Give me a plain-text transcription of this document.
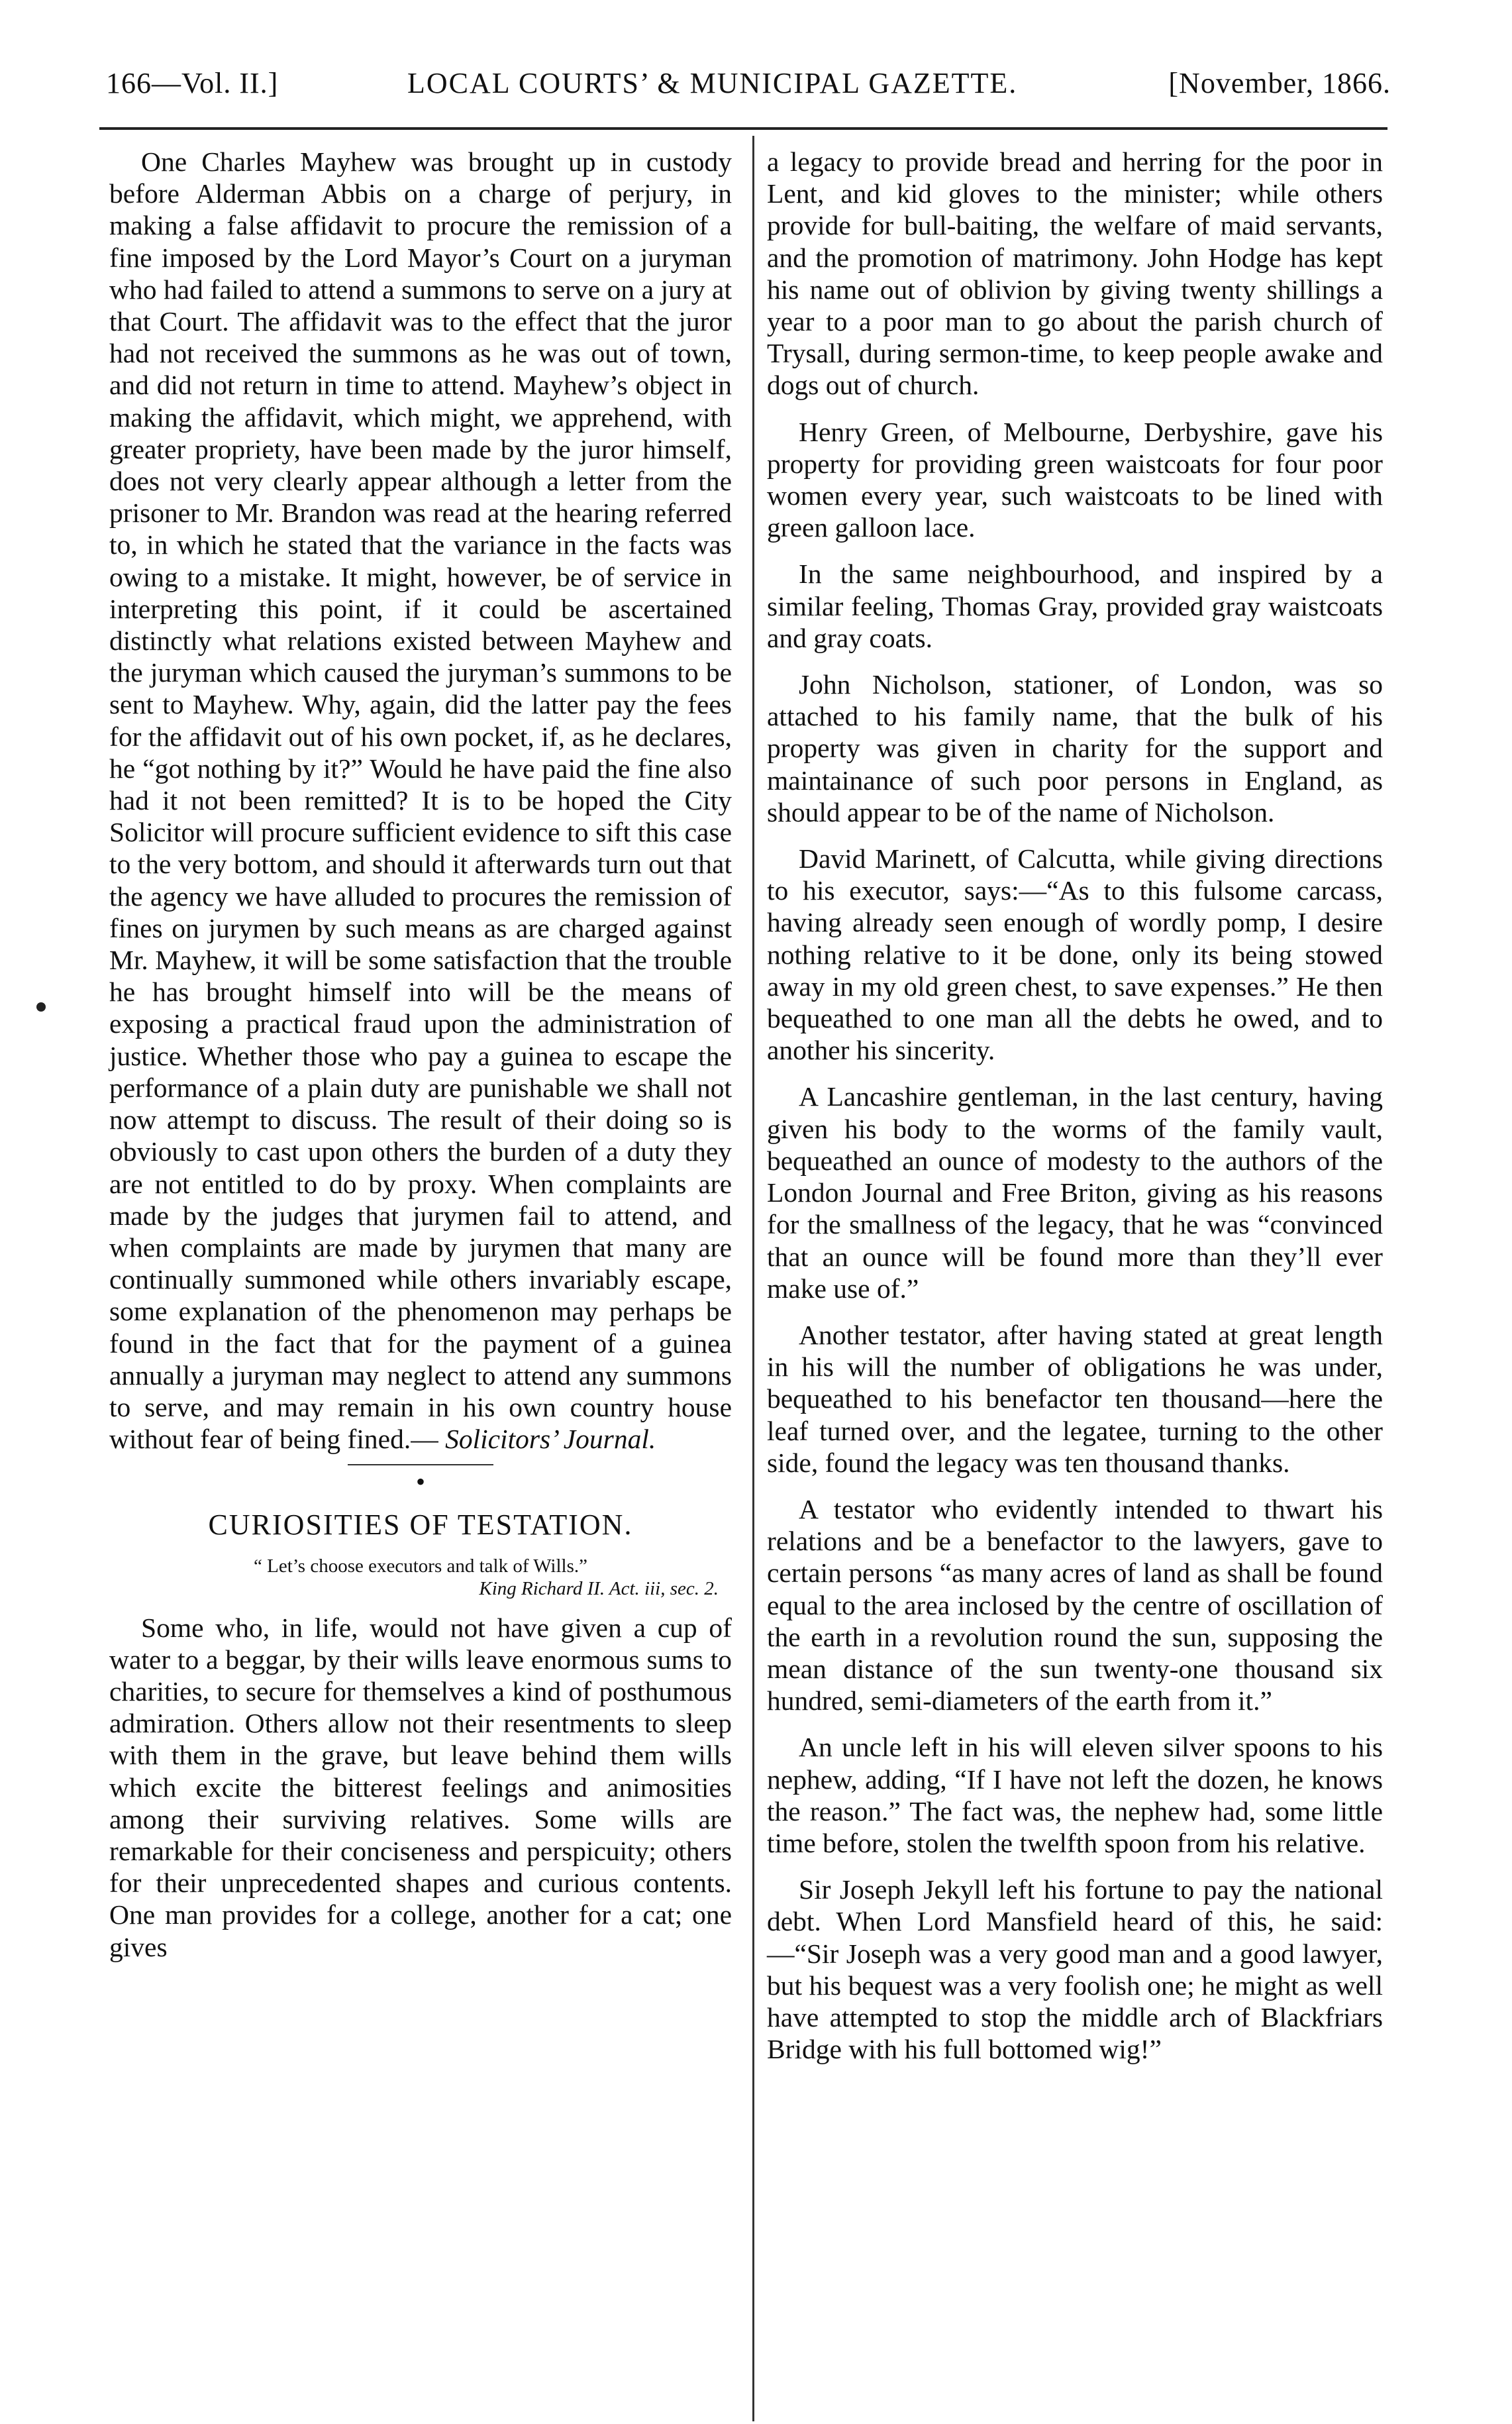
166—Vol. II.]	LOCAL COURTS’ & MUNICIPAL GAZETTE.	[November, 1866.

One Charles Mayhew was brought up in custody before Alderman Abbis on a charge of perjury, in making a false affidavit to procure the remission of a fine imposed by the Lord Mayor’s Court on a juryman who had failed to attend a summons to serve on a jury at that Court. The affidavit was to the effect that the juror had not received the summons as he was out of town, and did not return in time to attend. Mayhew’s object in making the affidavit, which might, we apprehend, with greater propriety, have been made by the juror himself, does not very clearly appear although a letter from the prisoner to Mr. Brandon was read at the hearing referred to, in which he stated that the variance in the facts was owing to a mistake. It might, however, be of service in interpreting this point, if it could be ascertained distinctly what relations existed between Mayhew and the juryman which caused the juryman’s summons to be sent to Mayhew. Why, again, did the latter pay the fees for the affidavit out of his own pocket, if, as he declares, he “got nothing by it?” Would he have paid the fine also had it not been remitted? It is to be hoped the City Solicitor will procure sufficient evidence to sift this case to the very bottom, and should it afterwards turn out that the agency we have alluded to procures the remission of fines on jurymen by such means as are charged against Mr. Mayhew, it will be some satisfaction that the trouble he has brought himself into will be the means of exposing a practical fraud upon the administration of justice. Whether those who pay a guinea to escape the performance of a plain duty are punishable we shall not now attempt to discuss. The result of their doing so is obviously to cast upon others the burden of a duty they are not entitled to do by proxy. When complaints are made by the judges that jurymen fail to attend, and when complaints are made by jurymen that many are continually summoned while others invariably escape, some explanation of the phenomenon may perhaps be found in the fact that for the payment of a guinea annually a juryman may neglect to attend any summons to serve, and may remain in his own country house without fear of being fined.— Solicitors’ Journal.

•
CURIOSITIES OF TESTATION.
“ Let’s choose executors and talk of Wills.”
King Richard II. Act. iii, sec. 2.

Some who, in life, would not have given a cup of water to a beggar, by their wills leave enormous sums to charities, to secure for themselves a kind of posthumous admiration. Others allow not their resentments to sleep with them in the grave, but leave behind them wills which excite the bitterest feelings and animosities among their surviving relatives. Some wills are remarkable for their conciseness and perspicuity; others for their unprecedented shapes and curious contents. One man provides for a college, another for a cat; one gives

a legacy to provide bread and herring for the poor in Lent, and kid gloves to the minister; while others provide for bull-baiting, the welfare of maid servants, and the promotion of matrimony. John Hodge has kept his name out of oblivion by giving twenty shillings a year to a poor man to go about the parish church of Trysall, during sermon-time, to keep people awake and dogs out of church.

Henry Green, of Melbourne, Derbyshire, gave his property for providing green waistcoats for four poor women every year, such waistcoats to be lined with green galloon lace.

In the same neighbourhood, and inspired by a similar feeling, Thomas Gray, provided gray waistcoats and gray coats.

John Nicholson, stationer, of London, was so attached to his family name, that the bulk of his property was given in charity for the support and maintainance of such poor persons in England, as should appear to be of the name of Nicholson.

David Marinett, of Calcutta, while giving directions to his executor, says:—“As to this fulsome carcass, having already seen enough of wordly pomp, I desire nothing relative to it be done, only its being stowed away in my old green chest, to save expenses.” He then bequeathed to one man all the debts he owed, and to another his sincerity.

A Lancashire gentleman, in the last century, having given his body to the worms of the family vault, bequeathed an ounce of modesty to the authors of the London Journal and Free Briton, giving as his reasons for the smallness of the legacy, that he was “convinced that an ounce will be found more than they’ll ever make use of.”

Another testator, after having stated at great length in his will the number of obligations he was under, bequeathed to his benefactor ten thousand—here the leaf turned over, and the legatee, turning to the other side, found the legacy was ten thousand thanks.

A testator who evidently intended to thwart his relations and be a benefactor to the lawyers, gave to certain persons “as many acres of land as shall be found equal to the area inclosed by the centre of oscillation of the earth in a revolution round the sun, supposing the mean distance of the sun twenty-one thousand six hundred, semi-diameters of the earth from it.”

An uncle left in his will eleven silver spoons to his nephew, adding, “If I have not left the dozen, he knows the reason.” The fact was, the nephew had, some little time before, stolen the twelfth spoon from his relative.

Sir Joseph Jekyll left his fortune to pay the national debt. When Lord Mansfield heard of this, he said:—“Sir Joseph was a very good man and a good lawyer, but his bequest was a very foolish one; he might as well have attempted to stop the middle arch of Blackfriars Bridge with his full bottomed wig!”
